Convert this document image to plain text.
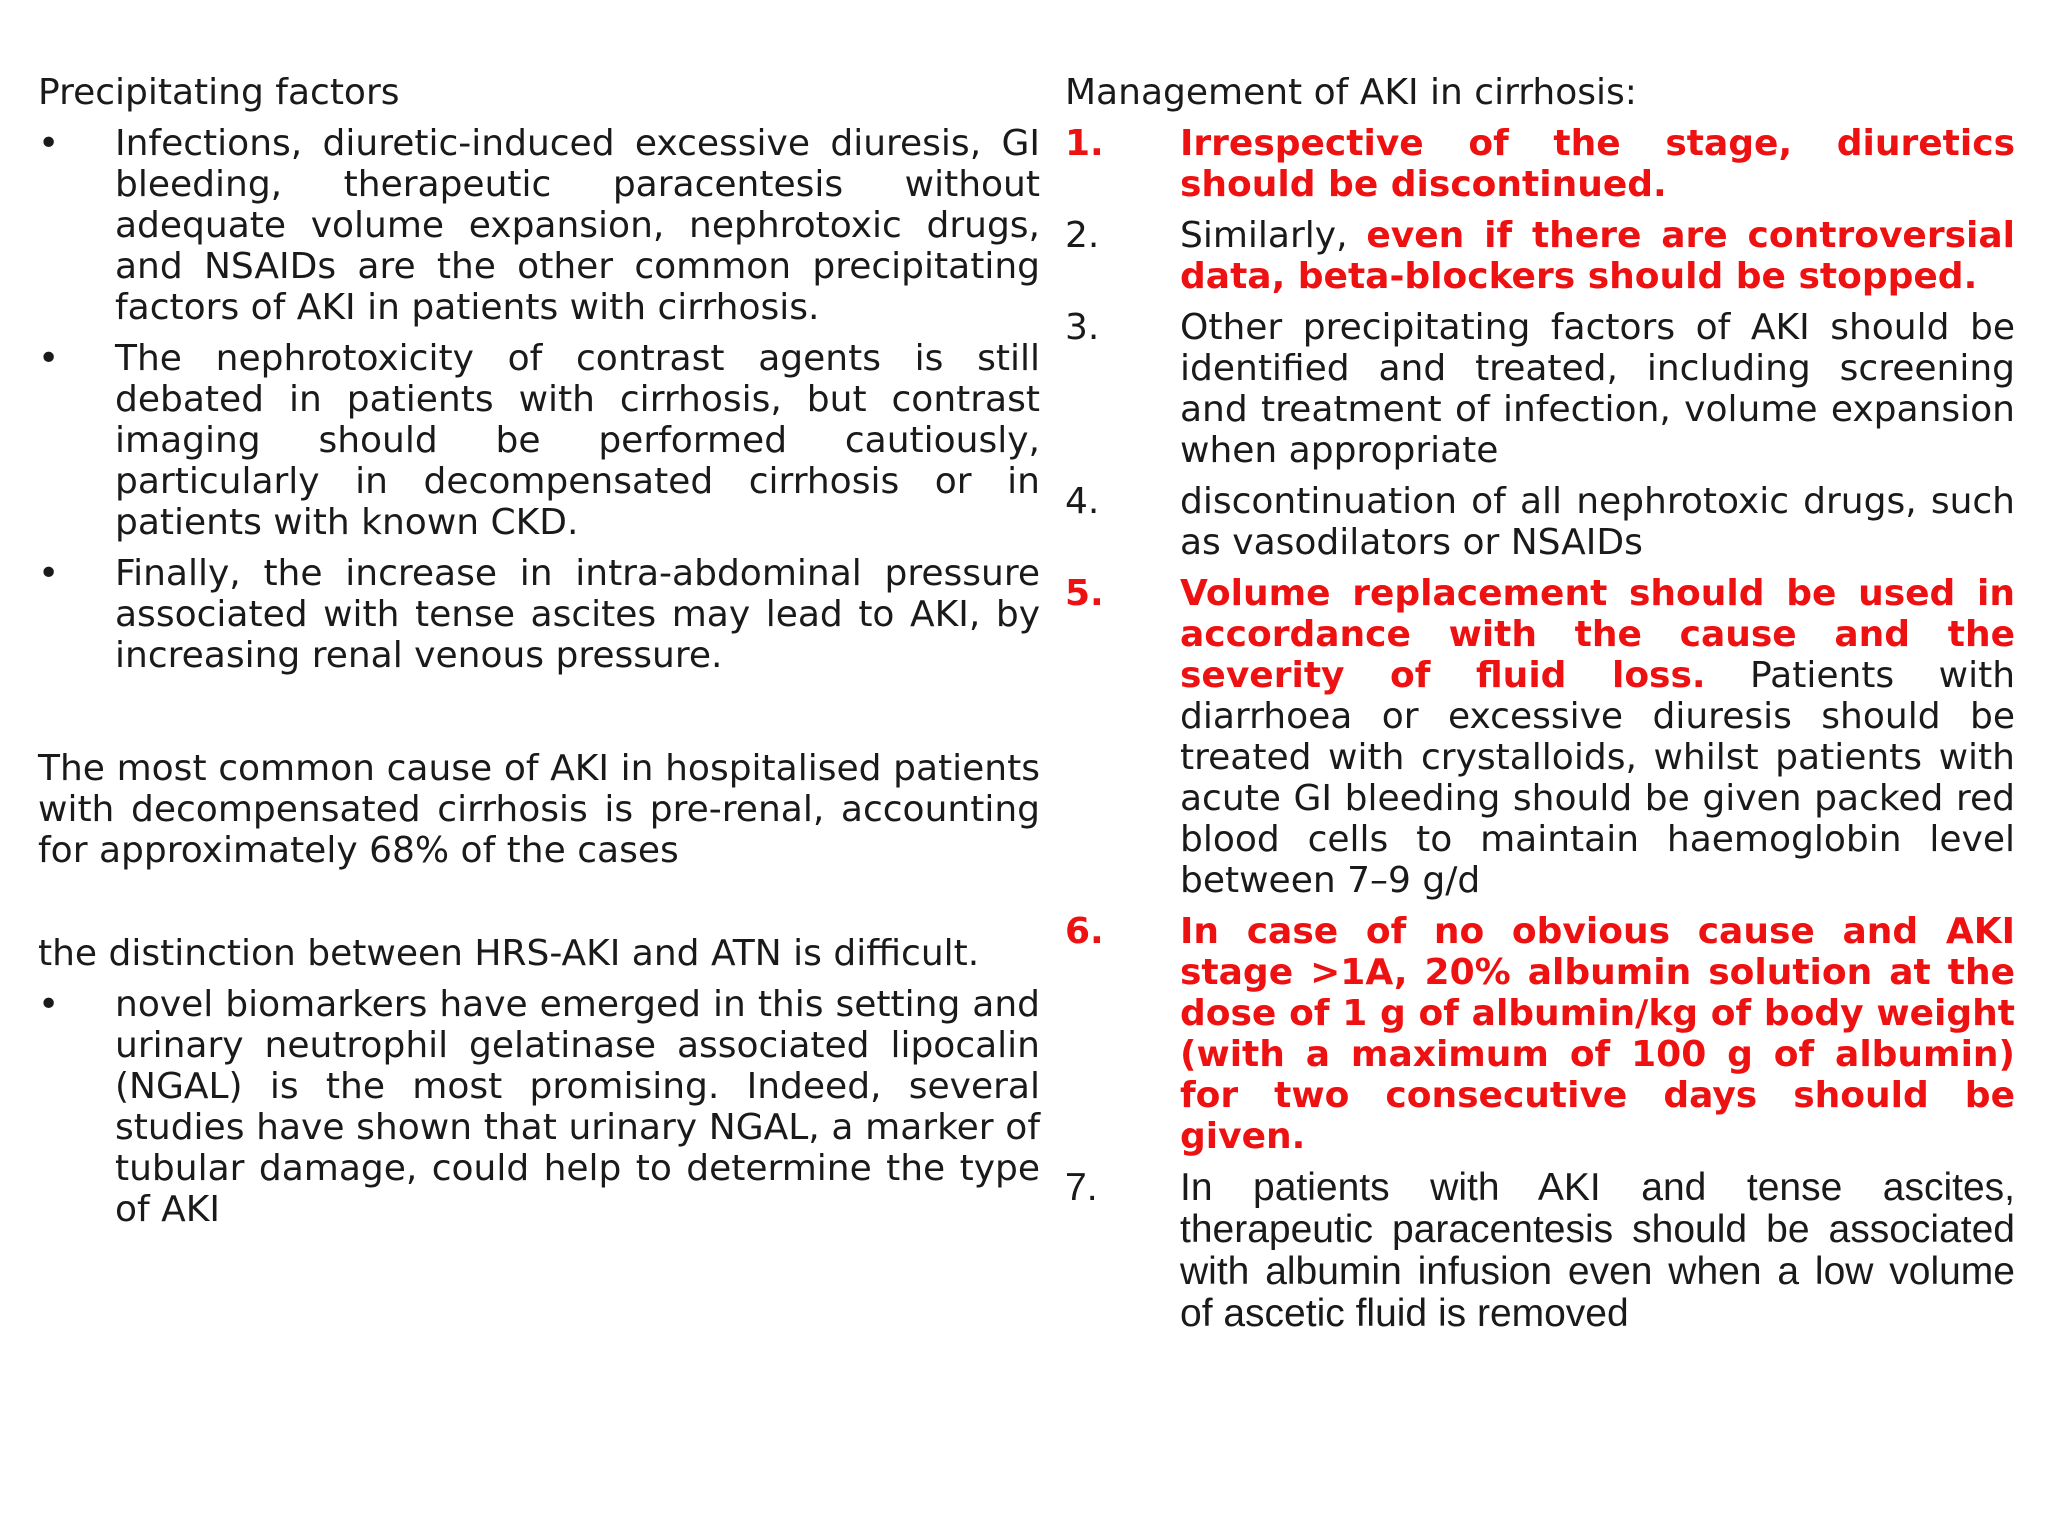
Precipitating factors

• Infections, diuretic-induced excessive diuresis, GI bleeding, therapeutic paracentesis without adequate volume expansion, nephrotoxic drugs, and NSAIDs are the other common precipitating factors of AKI in patients with cirrhosis.
• The nephrotoxicity of contrast agents is still debated in patients with cirrhosis, but contrast imaging should be performed cautiously, particularly in decompensated cirrhosis or in patients with known CKD.
• Finally, the increase in intra-abdominal pressure associated with tense ascites may lead to AKI, by increasing renal venous pressure.

The most common cause of AKI in hospitalised patients with decompensated cirrhosis is pre-renal, accounting for approximately 68% of the cases

the distinction between HRS-AKI and ATN is difficult.

• novel biomarkers have emerged in this setting and urinary neutrophil gelatinase associated lipocalin (NGAL) is the most promising. Indeed, several studies have shown that urinary NGAL, a marker of tubular damage, could help to determine the type of AKI

Management of AKI in cirrhosis:

1. Irrespective of the stage, diuretics should be discontinued.
2. Similarly, even if there are controversial data, beta-blockers should be stopped.
3. Other precipitating factors of AKI should be identified and treated, including screening and treatment of infection, volume expansion when appropriate
4. discontinuation of all nephrotoxic drugs, such as vasodilators or NSAIDs
5. Volume replacement should be used in accordance with the cause and the severity of fluid loss. Patients with diarrhoea or excessive diuresis should be treated with crystalloids, whilst patients with acute GI bleeding should be given packed red blood cells to maintain haemoglobin level between 7–9 g/d
6. In case of no obvious cause and AKI stage >1A, 20% albumin solution at the dose of 1 g of albumin/kg of body weight (with a maximum of 100 g of albumin) for two consecutive days should be given.
7. In patients with AKI and tense ascites, therapeutic paracentesis should be associated with albumin infusion even when a low volume of ascetic fluid is removed
